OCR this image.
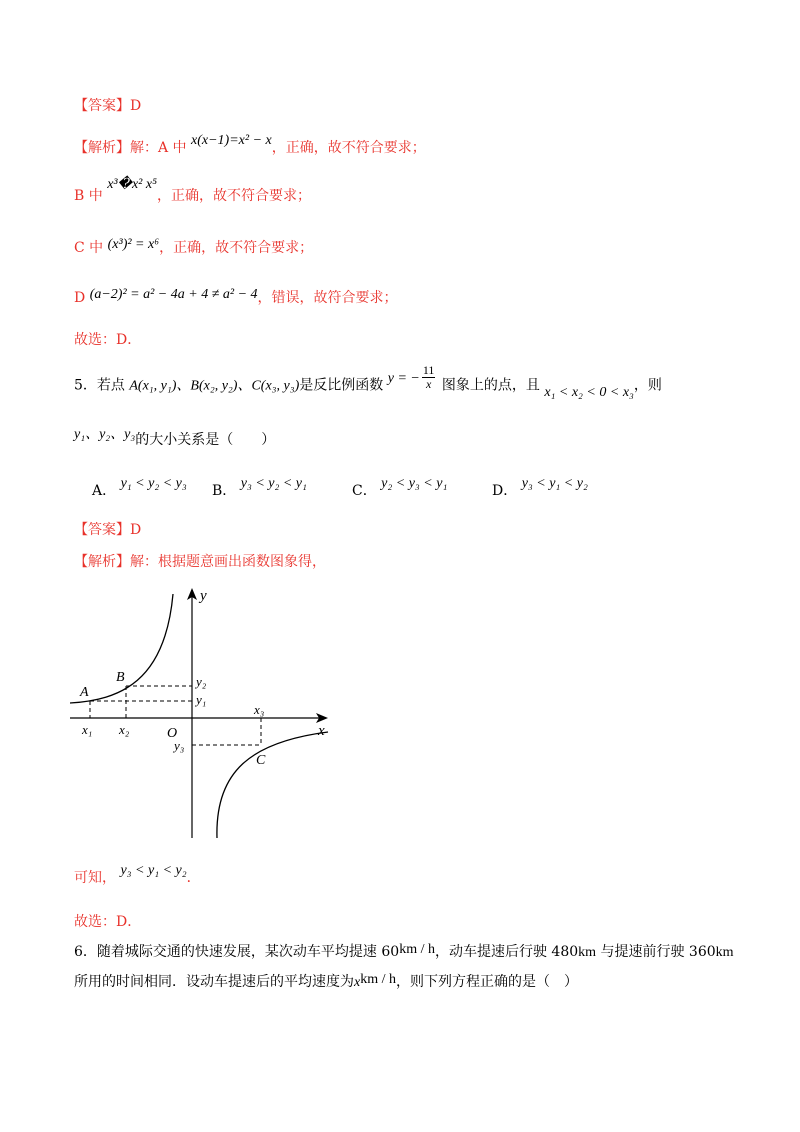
【答案】D
【解析】解：A 中 x(x−1)=x² − x，正确，故不符合要求；
B 中 x³�x² x⁵，正确，故不符合要求；
C 中 (x³)² = x⁶，正确，故不符合要求；
D (a−2)² = a² − 4a + 4 ≠ a² − 4，错误，故符合要求；
故选：D．
5．若点 A(x₁, y₁)、B(x₂, y₂)、C(x₃, y₃)是反比例函数 y = − $\frac{11}{x}$ 图象上的点，且 x₁ < x₂ < 0 < x₃，则
y₁、y₂、y₃的大小关系是（　　）
A． y₁ < y₂ < y₃ B． y₃ < y₂ < y₁	C． y₂ < y₃ < y₁	D． y₃ < y₁ < y₂
【答案】D
【解析】解：根据题意画出函数图象得，
y
x
O
A
B
C
x₁ x₂
x₃
y₂
y₁
y₃
可知， y₃ < y₁ < y₂．
故选：D．
6．随着城际交通的快速发展，某次动车平均提速 60km / h，动车提速后行驶 480km 与提速前行驶 360km
所用的时间相同．设动车提速后的平均速度为xkm / h，则下列方程正确的是（　）
